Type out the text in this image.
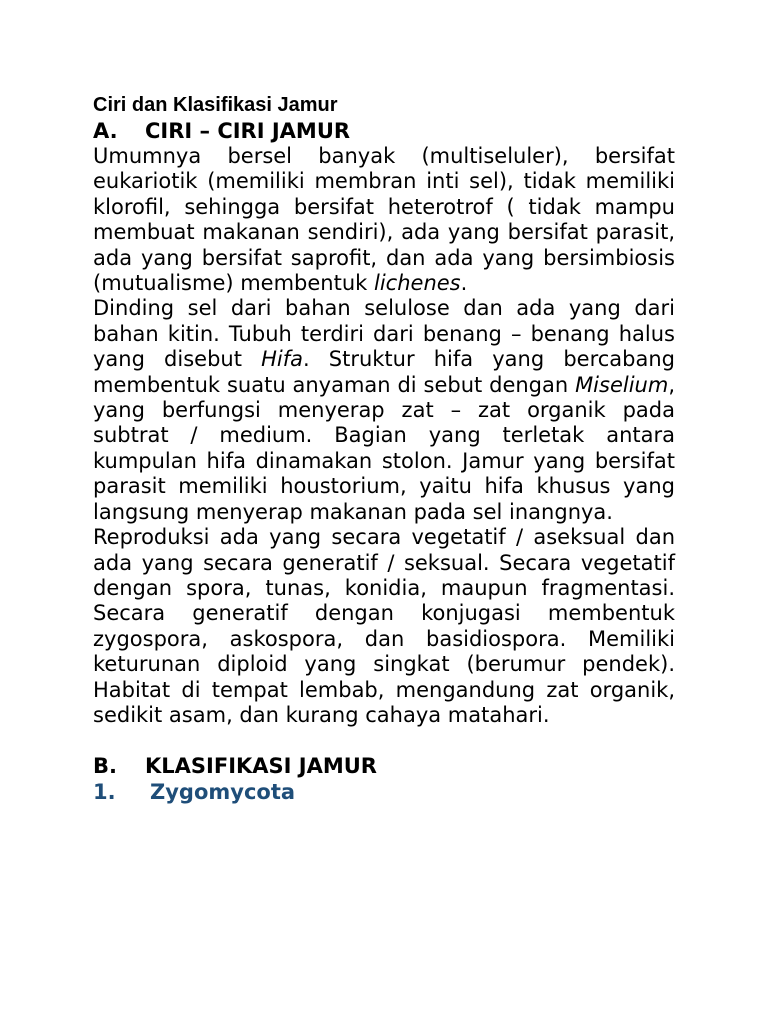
Ciri dan Klasifikasi Jamur
A.	CIRI – CIRI JAMUR

Umumnya bersel banyak (multiseluler), bersifat eukariotik (memiliki membran inti sel), tidak memiliki klorofil, sehingga bersifat heterotrof ( tidak mampu membuat makanan sendiri), ada yang bersifat parasit, ada yang bersifat saprofit, dan ada yang bersimbiosis (mutualisme) membentuk lichenes.

Dinding sel dari bahan selulose dan ada yang dari bahan kitin. Tubuh terdiri dari benang – benang halus yang disebut Hifa. Struktur hifa yang bercabang membentuk suatu anyaman di sebut dengan Miselium, yang berfungsi menyerap zat – zat organik pada subtrat / medium. Bagian yang terletak antara kumpulan hifa dinamakan stolon. Jamur yang bersifat parasit memiliki houstorium, yaitu hifa khusus yang langsung menyerap makanan pada sel inangnya.

Reproduksi ada yang secara vegetatif / aseksual dan ada yang secara generatif / seksual. Secara vegetatif dengan spora, tunas, konidia, maupun fragmentasi. Secara generatif dengan konjugasi membentuk zygospora, askospora, dan basidiospora. Memiliki keturunan diploid yang singkat (berumur pendek). Habitat di tempat lembab, mengandung zat organik, sedikit asam, dan kurang cahaya matahari.

B.	KLASIFIKASI JAMUR
1.	Zygomycota
